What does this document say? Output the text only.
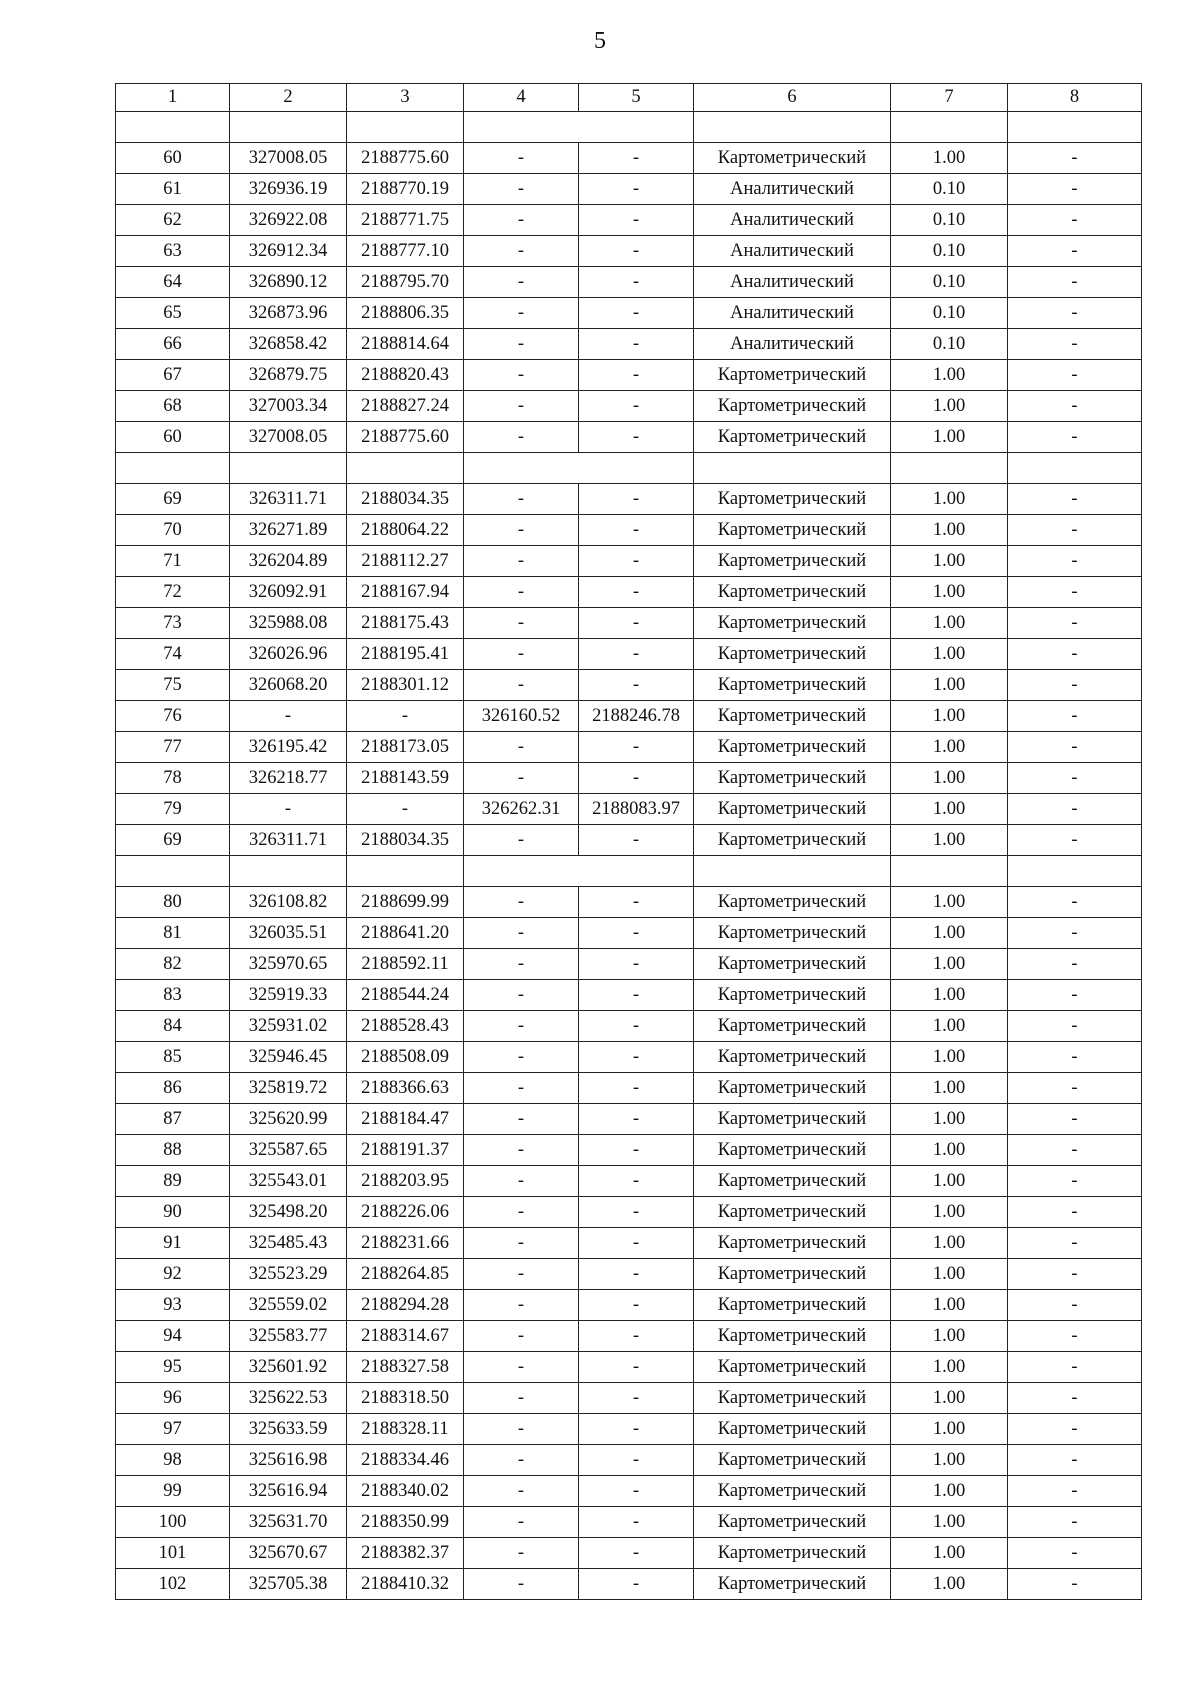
5
1	2	3	4	5	6	7	8

60	327008.05	2188775.60	-	-	Картометрический	1.00	-
61	326936.19	2188770.19	-	-	Аналитический	0.10	-
62	326922.08	2188771.75	-	-	Аналитический	0.10	-
63	326912.34	2188777.10	-	-	Аналитический	0.10	-
64	326890.12	2188795.70	-	-	Аналитический	0.10	-
65	326873.96	2188806.35	-	-	Аналитический	0.10	-
66	326858.42	2188814.64	-	-	Аналитический	0.10	-
67	326879.75	2188820.43	-	-	Картометрический	1.00	-
68	327003.34	2188827.24	-	-	Картометрический	1.00	-
60	327008.05	2188775.60	-	-	Картометрический	1.00	-

69	326311.71	2188034.35	-	-	Картометрический	1.00	-
70	326271.89	2188064.22	-	-	Картометрический	1.00	-
71	326204.89	2188112.27	-	-	Картометрический	1.00	-
72	326092.91	2188167.94	-	-	Картометрический	1.00	-
73	325988.08	2188175.43	-	-	Картометрический	1.00	-
74	326026.96	2188195.41	-	-	Картометрический	1.00	-
75	326068.20	2188301.12	-	-	Картометрический	1.00	-
76	-	-	326160.52	2188246.78	Картометрический	1.00	-
77	326195.42	2188173.05	-	-	Картометрический	1.00	-
78	326218.77	2188143.59	-	-	Картометрический	1.00	-
79	-	-	326262.31	2188083.97	Картометрический	1.00	-
69	326311.71	2188034.35	-	-	Картометрический	1.00	-

80	326108.82	2188699.99	-	-	Картометрический	1.00	-
81	326035.51	2188641.20	-	-	Картометрический	1.00	-
82	325970.65	2188592.11	-	-	Картометрический	1.00	-
83	325919.33	2188544.24	-	-	Картометрический	1.00	-
84	325931.02	2188528.43	-	-	Картометрический	1.00	-
85	325946.45	2188508.09	-	-	Картометрический	1.00	-
86	325819.72	2188366.63	-	-	Картометрический	1.00	-
87	325620.99	2188184.47	-	-	Картометрический	1.00	-
88	325587.65	2188191.37	-	-	Картометрический	1.00	-
89	325543.01	2188203.95	-	-	Картометрический	1.00	-
90	325498.20	2188226.06	-	-	Картометрический	1.00	-
91	325485.43	2188231.66	-	-	Картометрический	1.00	-
92	325523.29	2188264.85	-	-	Картометрический	1.00	-
93	325559.02	2188294.28	-	-	Картометрический	1.00	-
94	325583.77	2188314.67	-	-	Картометрический	1.00	-
95	325601.92	2188327.58	-	-	Картометрический	1.00	-
96	325622.53	2188318.50	-	-	Картометрический	1.00	-
97	325633.59	2188328.11	-	-	Картометрический	1.00	-
98	325616.98	2188334.46	-	-	Картометрический	1.00	-
99	325616.94	2188340.02	-	-	Картометрический	1.00	-
100	325631.70	2188350.99	-	-	Картометрический	1.00	-
101	325670.67	2188382.37	-	-	Картометрический	1.00	-
102	325705.38	2188410.32	-	-	Картометрический	1.00	-
